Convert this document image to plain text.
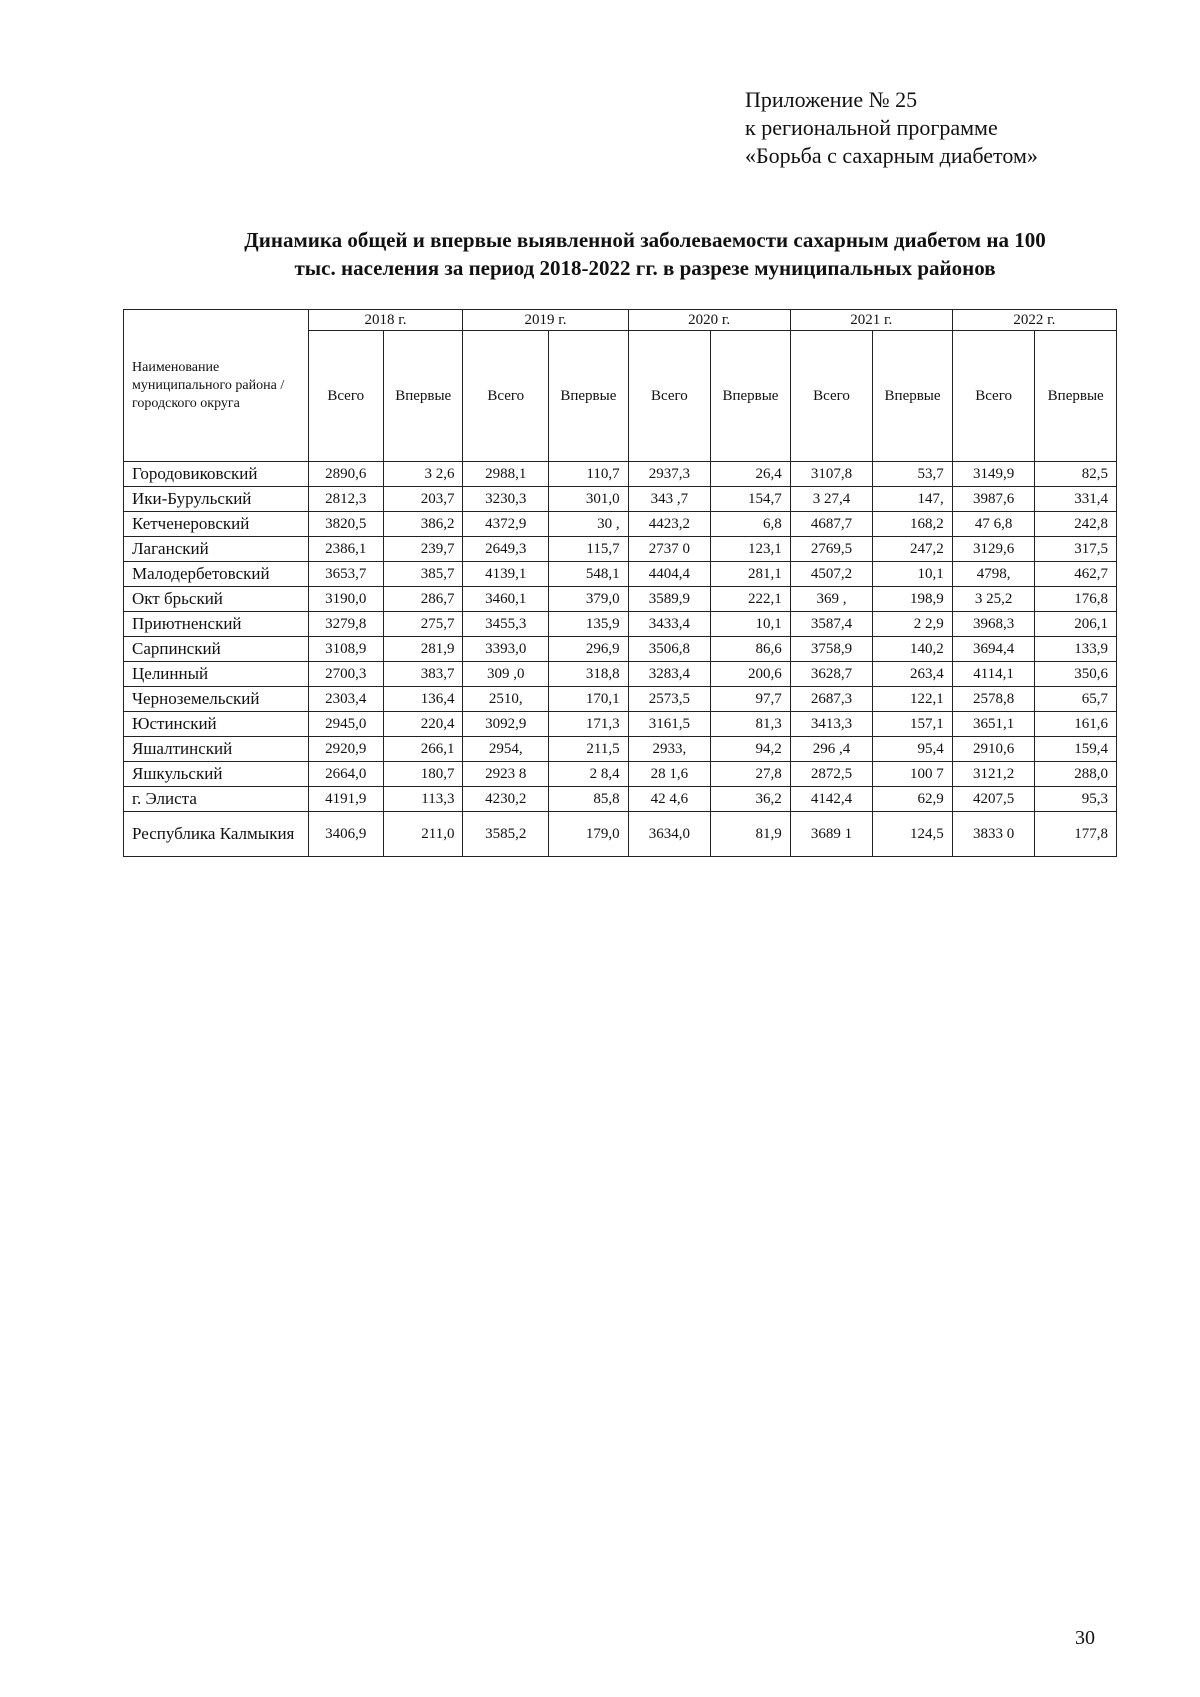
Приложение № 25
к региональной программе
«Борьба с сахарным диабетом»
Динамика общей и впервые выявленной заболеваемости сахарным диабетом на 100
тыс. населения за период 2018-2022 гг. в разрезе муниципальных районов
Наименование муниципального района / городского округа	2018 г.		2019 г.		2020 г.		2021 г.		2022 г.	
	Всего	Впервые	Всего	Впервые	Всего	Впервые	Всего	Впервые	Всего	Впервые
Городовиковский	2890,6	3 2,6	2988,1	110,7	2937,3	26,4	3107,8	53,7	3149,9	82,5
Ики-Бурульский	2812,3	203,7	3230,3	301,0	343 ,7	154,7	3 27,4	147,	3987,6	331,4
Кетченеровский	3820,5	386,2	4372,9	30 ,	4423,2	6,8	4687,7	168,2	47 6,8	242,8
Лаганский	2386,1	239,7	2649,3	115,7	2737 0	123,1	2769,5	247,2	3129,6	317,5
Малодербетовский	3653,7	385,7	4139,1	548,1	4404,4	281,1	4507,2	10,1	4798,	462,7
Окт брьский	3190,0	286,7	3460,1	379,0	3589,9	222,1	369 ,	198,9	3 25,2	176,8
Приютненский	3279,8	275,7	3455,3	135,9	3433,4	10,1	3587,4	2 2,9	3968,3	206,1
Сарпинский	3108,9	281,9	3393,0	296,9	3506,8	86,6	3758,9	140,2	3694,4	133,9
Целинный	2700,3	383,7	309 ,0	318,8	3283,4	200,6	3628,7	263,4	4114,1	350,6
Черноземельский	2303,4	136,4	2510,	170,1	2573,5	97,7	2687,3	122,1	2578,8	65,7
Юстинский	2945,0	220,4	3092,9	171,3	3161,5	81,3	3413,3	157,1	3651,1	161,6
Яшалтинский	2920,9	266,1	2954,	211,5	2933,	94,2	296 ,4	95,4	2910,6	159,4
Яшкульский	2664,0	180,7	2923 8	2 8,4	28 1,6	27,8	2872,5	100 7	3121,2	288,0
г. Элиста	4191,9	113,3	4230,2	85,8	42 4,6	36,2	4142,4	62,9	4207,5	95,3
Республика Калмыкия	3406,9	211,0	3585,2	179,0	3634,0	81,9	3689 1	124,5	3833 0	177,8
30
